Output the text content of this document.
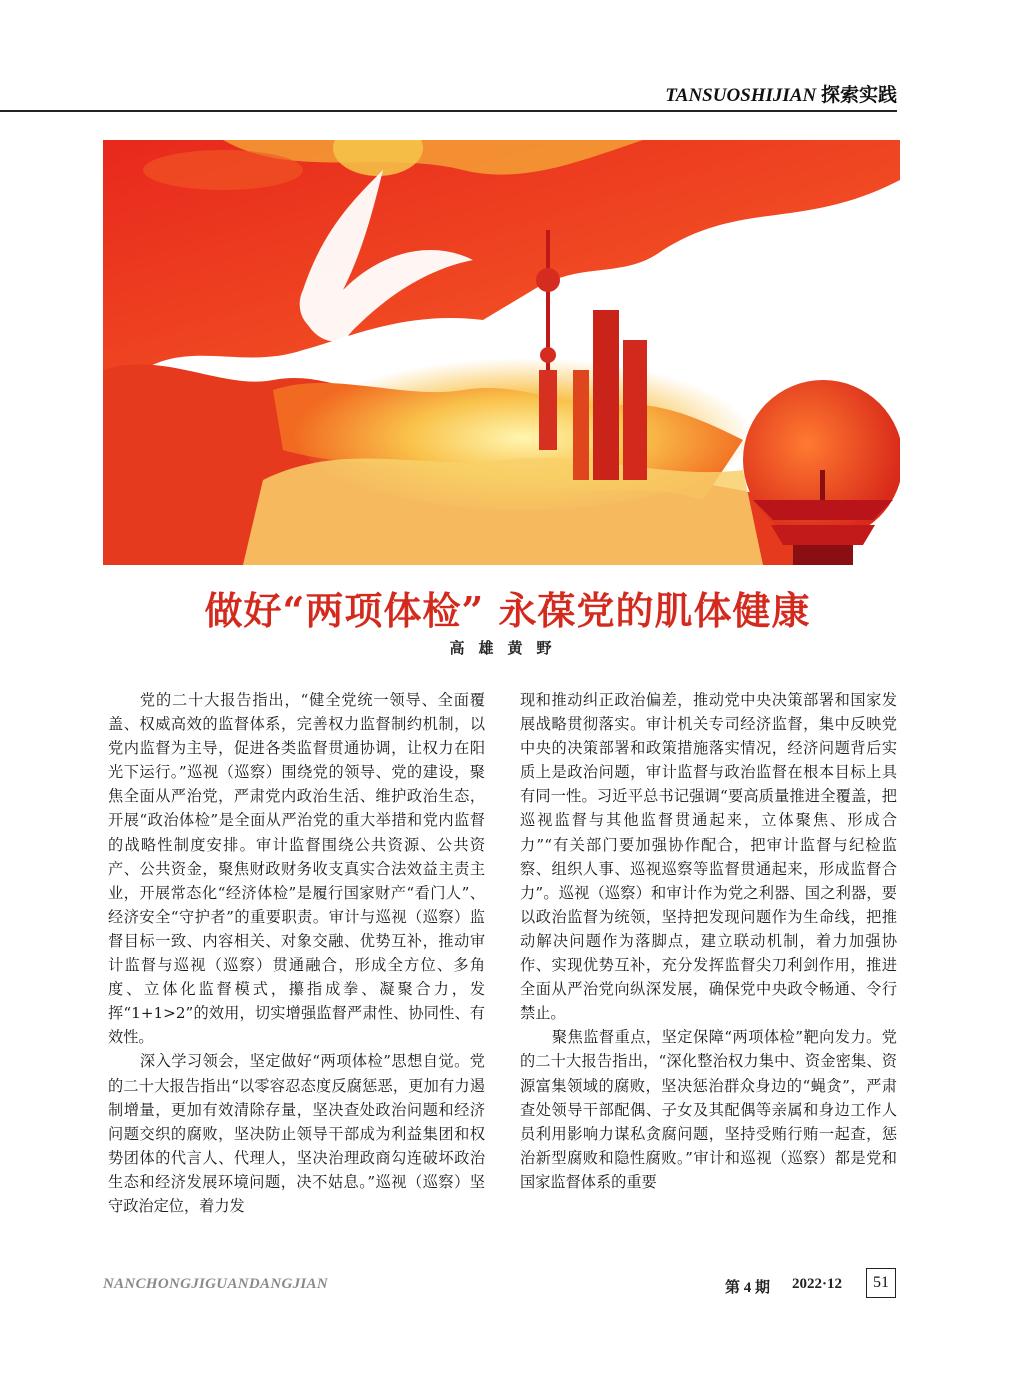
TANSUOSHIJIAN 探索实践
做好“两项体检” 永葆党的肌体健康
高雄黄野

党的二十大报告指出，“健全党统一领导、全面覆盖、权威高效的监督体系，完善权力监督制约机制，以党内监督为主导，促进各类监督贯通协调，让权力在阳光下运行。”巡视（巡察）围绕党的领导、党的建设，聚焦全面从严治党，严肃党内政治生活、维护政治生态，开展“政治体检”是全面从严治党的重大举措和党内监督的战略性制度安排。审计监督围绕公共资源、公共资产、公共资金，聚焦财政财务收支真实合法效益主责主业，开展常态化“经济体检”是履行国家财产“看门人”、经济安全“守护者”的重要职责。审计与巡视（巡察）监督目标一致、内容相关、对象交融、优势互补，推动审计监督与巡视（巡察）贯通融合，形成全方位、多角度、立体化监督模式，攥指成拳、凝聚合力，发挥“1+1>2”的效用，切实增强监督严肃性、协同性、有效性。

深入学习领会，坚定做好“两项体检”思想自觉。党的二十大报告指出“以零容忍态度反腐惩恶，更加有力遏制增量，更加有效清除存量，坚决查处政治问题和经济问题交织的腐败，坚决防止领导干部成为利益集团和权势团体的代言人、代理人，坚决治理政商勾连破坏政治生态和经济发展环境问题，决不姑息。”巡视（巡察）坚守政治定位，着力发

现和推动纠正政治偏差，推动党中央决策部署和国家发展战略贯彻落实。审计机关专司经济监督，集中反映党中央的决策部署和政策措施落实情况，经济问题背后实质上是政治问题，审计监督与政治监督在根本目标上具有同一性。习近平总书记强调“要高质量推进全覆盖，把巡视监督与其他监督贯通起来，立体聚焦、形成合力”“有关部门要加强协作配合，把审计监督与纪检监察、组织人事、巡视巡察等监督贯通起来，形成监督合力”。巡视（巡察）和审计作为党之利器、国之利器，要以政治监督为统领，坚持把发现问题作为生命线，把推动解决问题作为落脚点，建立联动机制，着力加强协作、实现优势互补，充分发挥监督尖刀利剑作用，推进全面从严治党向纵深发展，确保党中央政令畅通、令行禁止。

聚焦监督重点，坚定保障“两项体检”靶向发力。党的二十大报告指出，“深化整治权力集中、资金密集、资源富集领域的腐败，坚决惩治群众身边的“蝇贪”，严肃查处领导干部配偶、子女及其配偶等亲属和身边工作人员利用影响力谋私贪腐问题，坚持受贿行贿一起查，惩治新型腐败和隐性腐败。”审计和巡视（巡察）都是党和国家监督体系的重要

NANCHONGJIGUANDANGJIAN	第 4 期 2022·12	51
